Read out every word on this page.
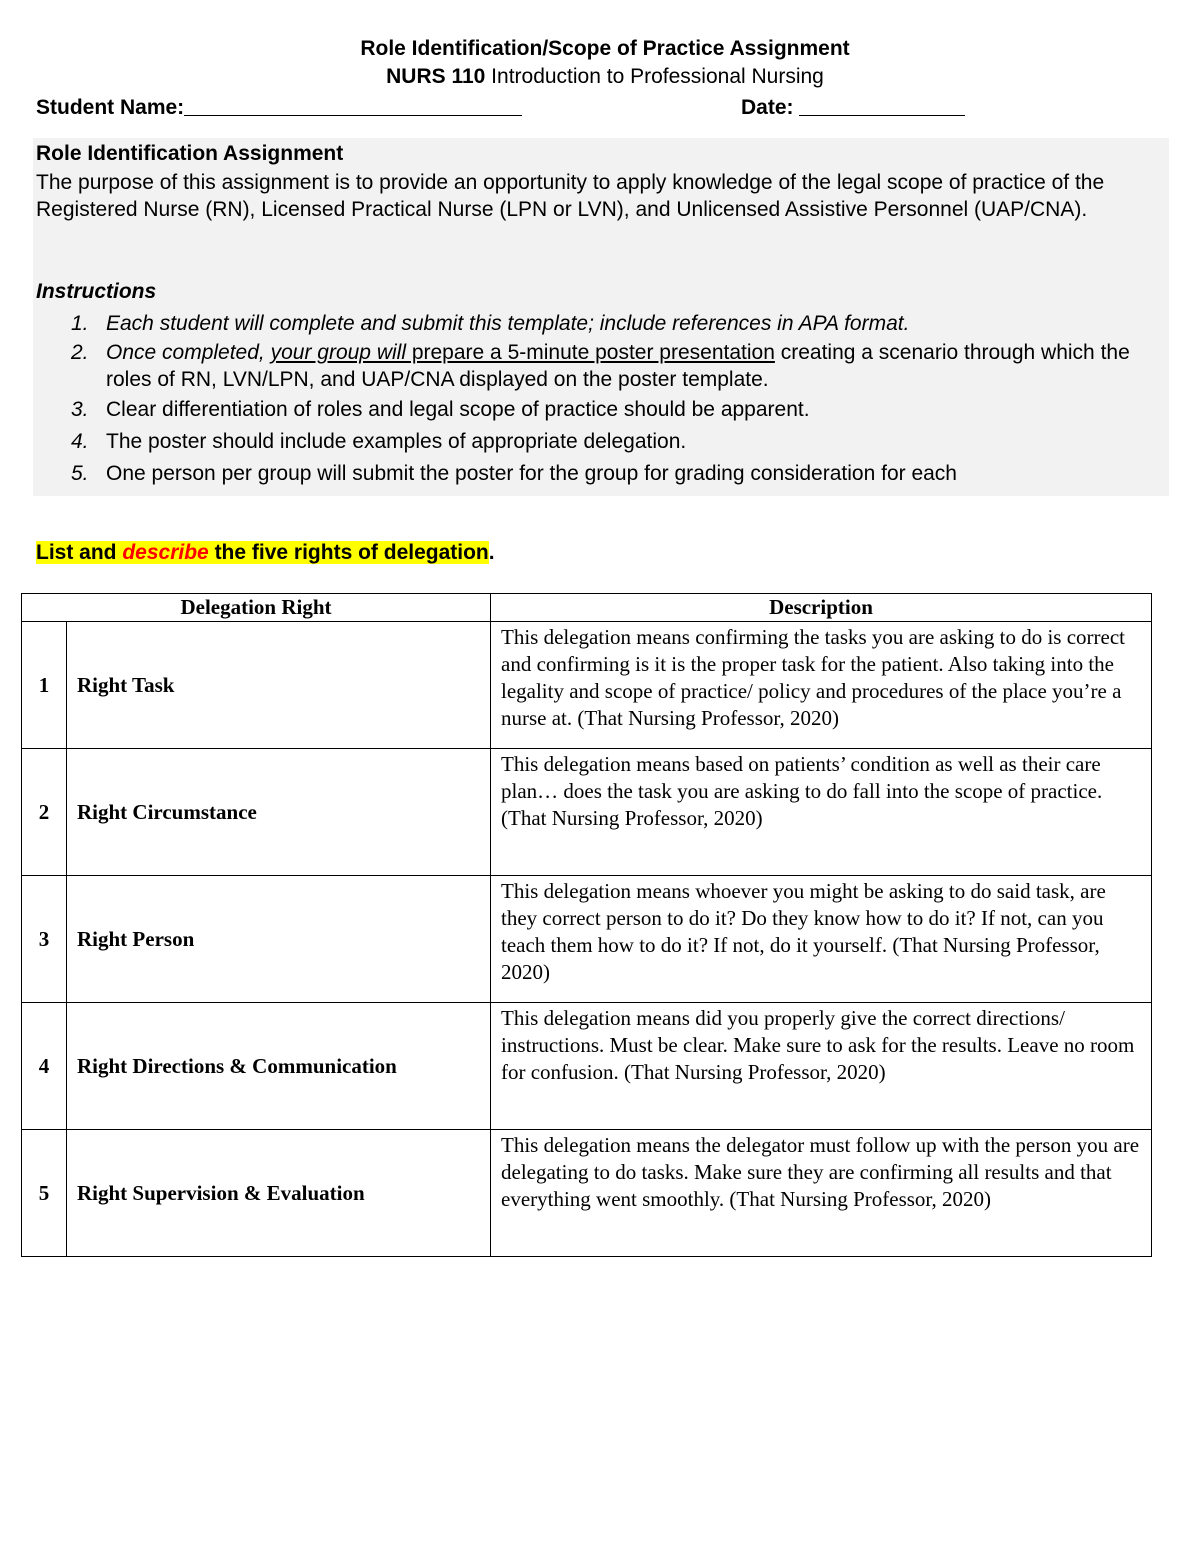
Role Identification/Scope of Practice Assignment
NURS 110 Introduction to Professional Nursing
Student Name:	Date:
Role Identification Assignment
The purpose of this assignment is to provide an opportunity to apply knowledge of the legal scope of practice of the Registered Nurse (RN), Licensed Practical Nurse (LPN or LVN), and Unlicensed Assistive Personnel (UAP/CNA).
Instructions
1. Each student will complete and submit this template; include references in APA format.
2. Once completed, your group will prepare a 5-minute poster presentation creating a scenario through which the roles of RN, LVN/LPN, and UAP/CNA displayed on the poster template.
3. Clear differentiation of roles and legal scope of practice should be apparent.
4. The poster should include examples of appropriate delegation.
5. One person per group will submit the poster for the group for grading consideration for each
List and describe the five rights of delegation.
Delegation Right		Description
1	Right Task	This delegation means confirming the tasks you are asking to do is correct and confirming is it is the proper task for the patient. Also taking into the legality and scope of practice/ policy and procedures of the place you’re a nurse at. (That Nursing Professor, 2020)
2	Right Circumstance	This delegation means based on patients’ condition as well as their care plan… does the task you are asking to do fall into the scope of practice. (That Nursing Professor, 2020)
3	Right Person	This delegation means whoever you might be asking to do said task, are they correct person to do it? Do they know how to do it? If not, can you teach them how to do it? If not, do it yourself. (That Nursing Professor, 2020)
4	Right Directions & Communication	This delegation means did you properly give the correct directions/ instructions. Must be clear. Make sure to ask for the results. Leave no room for confusion. (That Nursing Professor, 2020)
5	Right Supervision & Evaluation	This delegation means the delegator must follow up with the person you are delegating to do tasks. Make sure they are confirming all results and that everything went smoothly. (That Nursing Professor, 2020)
